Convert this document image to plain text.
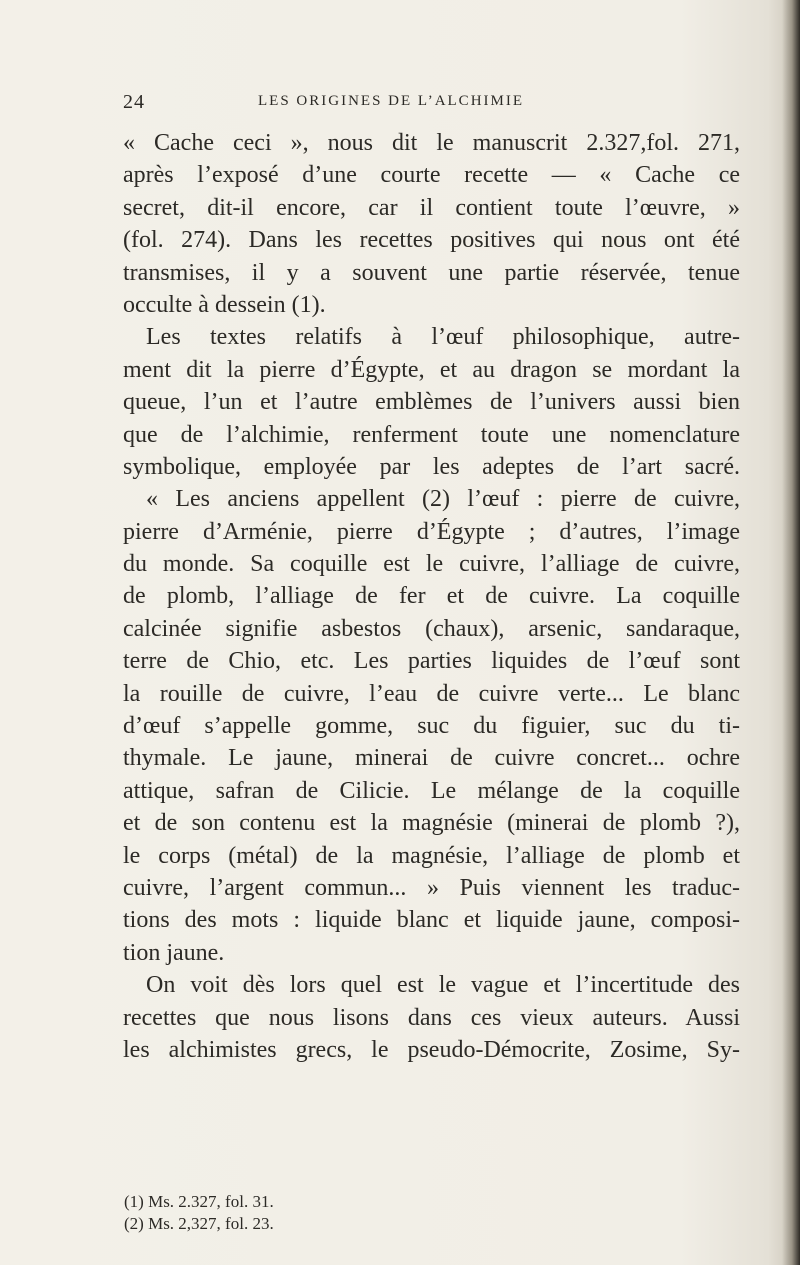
24	LES ORIGINES DE L’ALCHIMIE
« Cache ceci », nous dit le manuscrit 2.327,fol. 271,
après l’exposé d’une courte recette — « Cache ce
secret, dit-il encore, car il contient toute l’œuvre, »
(fol. 274). Dans les recettes positives qui nous ont été
transmises, il y a souvent une partie réservée, tenue
occulte à dessein (1).
Les textes relatifs à l’œuf philosophique, autre-
ment dit la pierre d’Égypte, et au dragon se mordant la
queue, l’un et l’autre emblèmes de l’univers aussi bien
que de l’alchimie, renferment toute une nomenclature
symbolique, employée par les adeptes de l’art sacré.
« Les anciens appellent (2) l’œuf : pierre de cuivre,
pierre d’Arménie, pierre d’Égypte ; d’autres, l’image
du monde. Sa coquille est le cuivre, l’alliage de cuivre,
de plomb, l’alliage de fer et de cuivre. La coquille
calcinée signifie asbestos (chaux), arsenic, sandaraque,
terre de Chio, etc. Les parties liquides de l’œuf sont
la rouille de cuivre, l’eau de cuivre verte... Le blanc
d’œuf s’appelle gomme, suc du figuier, suc du ti-
thymale. Le jaune, minerai de cuivre concret... ochre
attique, safran de Cilicie. Le mélange de la coquille
et de son contenu est la magnésie (minerai de plomb ?),
le corps (métal) de la magnésie, l’alliage de plomb et
cuivre, l’argent commun... » Puis viennent les traduc-
tions des mots : liquide blanc et liquide jaune, composi-
tion jaune.
On voit dès lors quel est le vague et l’incertitude des
recettes que nous lisons dans ces vieux auteurs. Aussi
les alchimistes grecs, le pseudo-Démocrite, Zosime, Sy-
(1) Ms. 2.327, fol. 31.
(2) Ms. 2,327, fol. 23.
